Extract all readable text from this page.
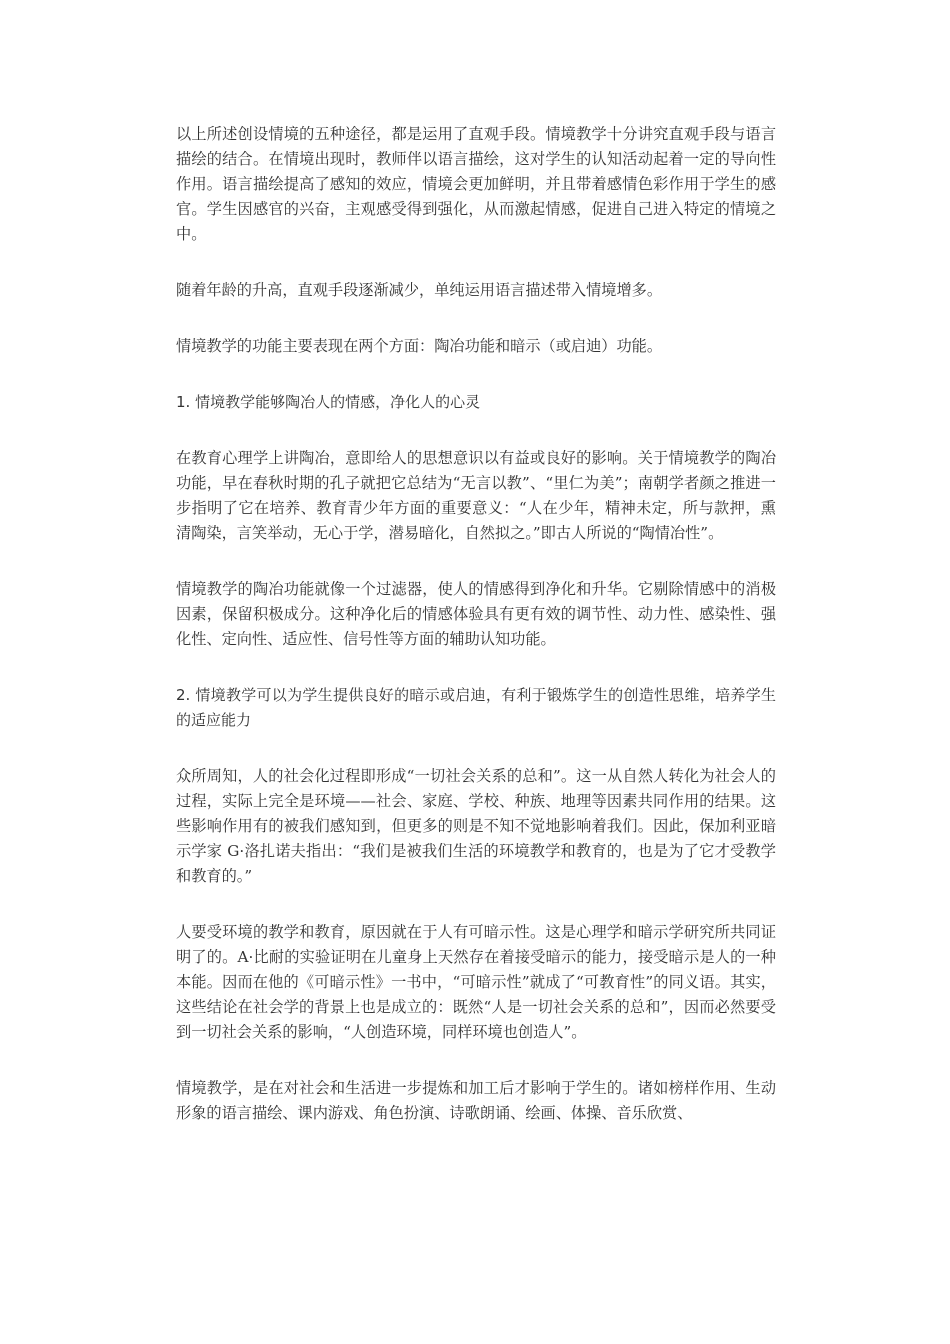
以上所述创设情境的五种途径，都是运用了直观手段。情境教学十分讲究直观手段与语言描绘的结合。在情境出现时，教师伴以语言描绘，这对学生的认知活动起着一定的导向性作用。语言描绘提高了感知的效应，情境会更加鲜明，并且带着感情色彩作用于学生的感官。学生因感官的兴奋，主观感受得到强化，从而激起情感，促进自己进入特定的情境之中。

随着年龄的升高，直观手段逐渐减少，单纯运用语言描述带入情境增多。

情境教学的功能主要表现在两个方面：陶冶功能和暗示（或启迪）功能。

1. 情境教学能够陶冶人的情感，净化人的心灵

在教育心理学上讲陶冶，意即给人的思想意识以有益或良好的影响。关于情境教学的陶冶功能，早在春秋时期的孔子就把它总结为“无言以教”、“里仁为美”；南朝学者颜之推进一步指明了它在培养、教育青少年方面的重要意义：“人在少年，精神未定，所与款押，熏清陶染，言笑举动，无心于学，潜易暗化，自然拟之。”即古人所说的“陶情冶性”。

情境教学的陶冶功能就像一个过滤器，使人的情感得到净化和升华。它剔除情感中的消极因素，保留积极成分。这种净化后的情感体验具有更有效的调节性、动力性、感染性、强化性、定向性、适应性、信号性等方面的辅助认知功能。

2. 情境教学可以为学生提供良好的暗示或启迪，有利于锻炼学生的创造性思维，培养学生的适应能力

众所周知，人的社会化过程即形成“一切社会关系的总和”。这一从自然人转化为社会人的过程，实际上完全是环境——社会、家庭、学校、种族、地理等因素共同作用的结果。这些影响作用有的被我们感知到，但更多的则是不知不觉地影响着我们。因此，保加利亚暗示学家 G·洛扎诺夫指出：“我们是被我们生活的环境教学和教育的，也是为了它才受教学和教育的。”

人要受环境的教学和教育，原因就在于人有可暗示性。这是心理学和暗示学研究所共同证明了的。A·比耐的实验证明在儿童身上天然存在着接受暗示的能力，接受暗示是人的一种本能。因而在他的《可暗示性》一书中，“可暗示性”就成了“可教育性”的同义语。其实，这些结论在社会学的背景上也是成立的：既然“人是一切社会关系的总和”，因而必然要受到一切社会关系的影响，“人创造环境，同样环境也创造人”。

情境教学，是在对社会和生活进一步提炼和加工后才影响于学生的。诸如榜样作用、生动形象的语言描绘、课内游戏、角色扮演、诗歌朗诵、绘画、体操、音乐欣赏、
